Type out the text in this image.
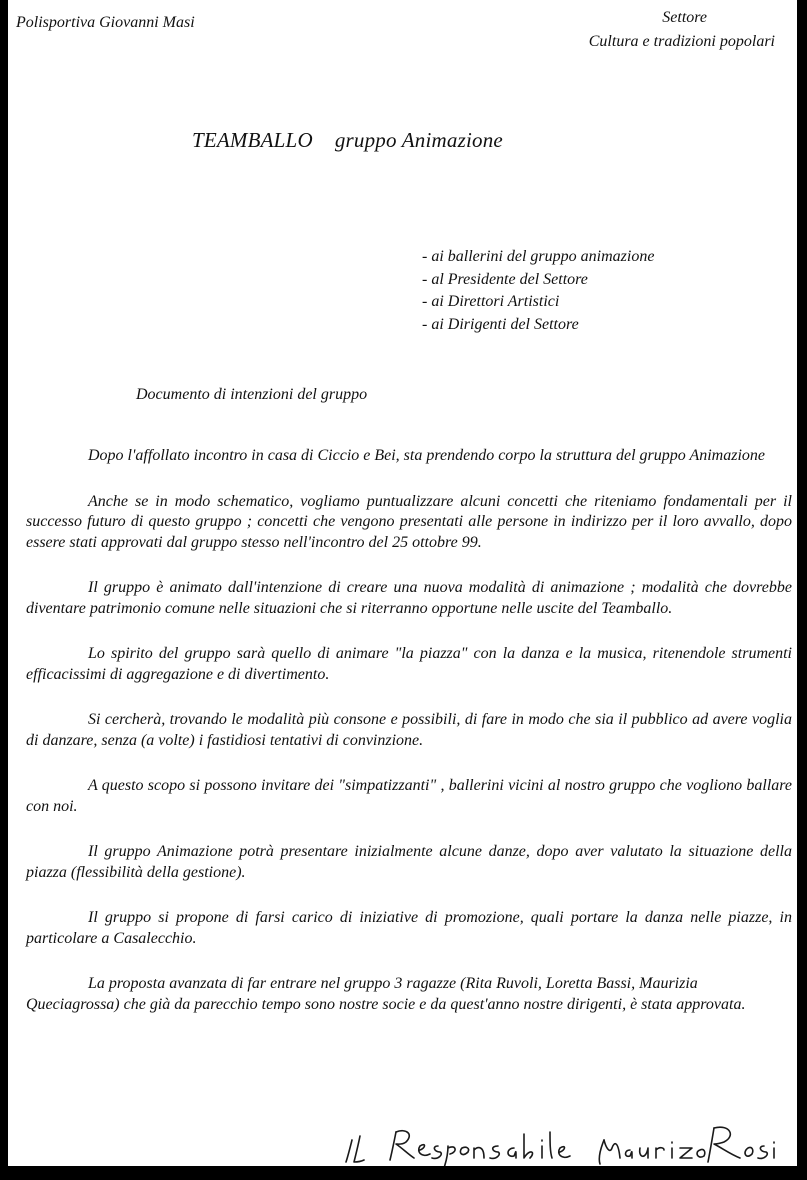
Polisportiva Giovanni Masi	Settore
Cultura e tradizioni popolari
TEAMBALLO gruppo Animazione
- ai ballerini del gruppo animazione
- al Presidente del Settore
- ai Direttori Artistici
- ai Dirigenti del Settore
Documento di intenzioni del gruppo

Dopo l'affollato incontro in casa di Ciccio e Bei, sta prendendo corpo la struttura del gruppo Animazione

Anche se in modo schematico, vogliamo puntualizzare alcuni concetti che riteniamo fondamentali per il successo futuro di questo gruppo ; concetti che vengono presentati alle persone in indirizzo per il loro avvallo, dopo essere stati approvati dal gruppo stesso nell'incontro del 25 ottobre 99.

Il gruppo è animato dall'intenzione di creare una nuova modalità di animazione ; modalità che dovrebbe diventare patrimonio comune nelle situazioni che si riterranno opportune nelle uscite del Teamballo.

Lo spirito del gruppo sarà quello di animare "la piazza" con la danza e la musica, ritenendole strumenti efficacissimi di aggregazione e di divertimento.

Si cercherà, trovando le modalità più consone e possibili, di fare in modo che sia il pubblico ad avere voglia di danzare, senza (a volte) i fastidiosi tentativi di convinzione.

A questo scopo si possono invitare dei "simpatizzanti" , ballerini vicini al nostro gruppo che vogliono ballare con noi.

Il gruppo Animazione potrà presentare inizialmente alcune danze, dopo aver valutato la situazione della piazza (flessibilità della gestione).

Il gruppo si propone di farsi carico di iniziative di promozione, quali portare la danza nelle piazze, in particolare a Casalecchio.

La proposta avanzata di far entrare nel gruppo 3 ragazze (Rita Ruvoli, Loretta Bassi, Maurizia Queciagrossa) che già da parecchio tempo sono nostre socie e da quest'anno nostre dirigenti, è stata approvata.
